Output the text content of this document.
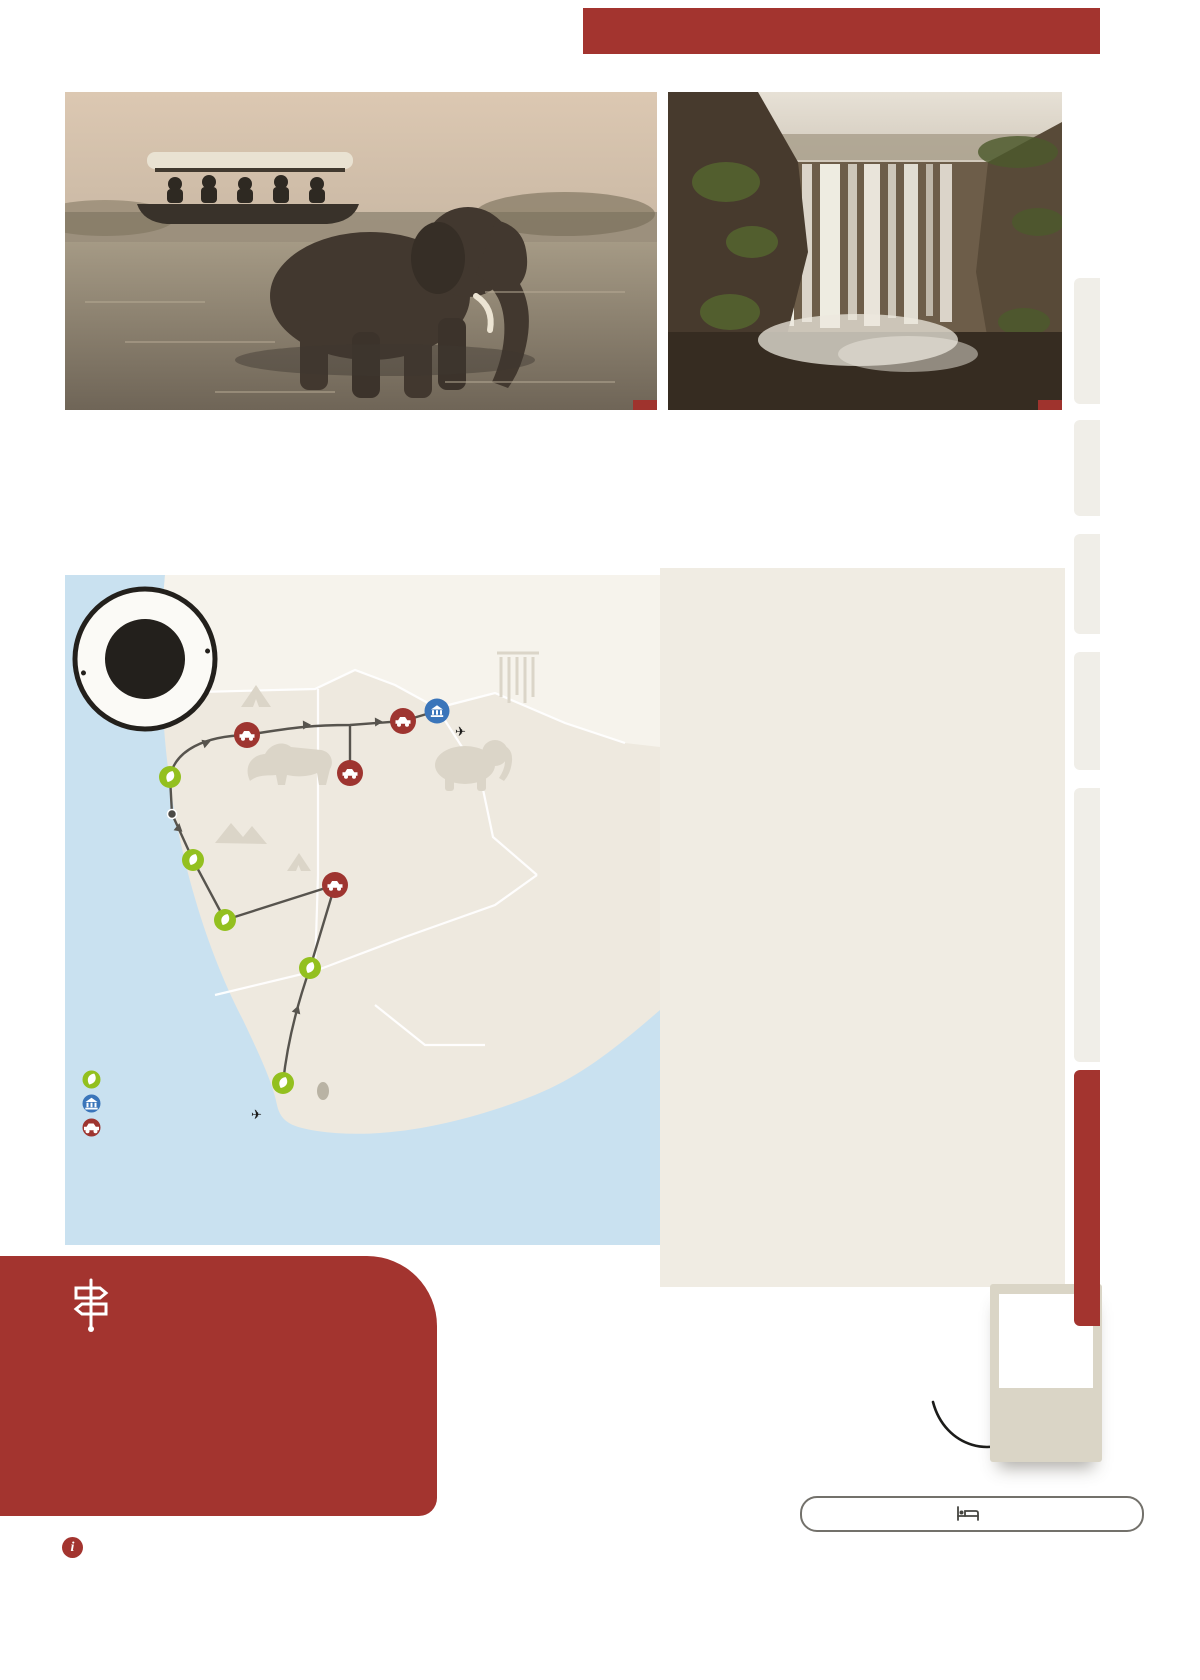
✈
✈
i
